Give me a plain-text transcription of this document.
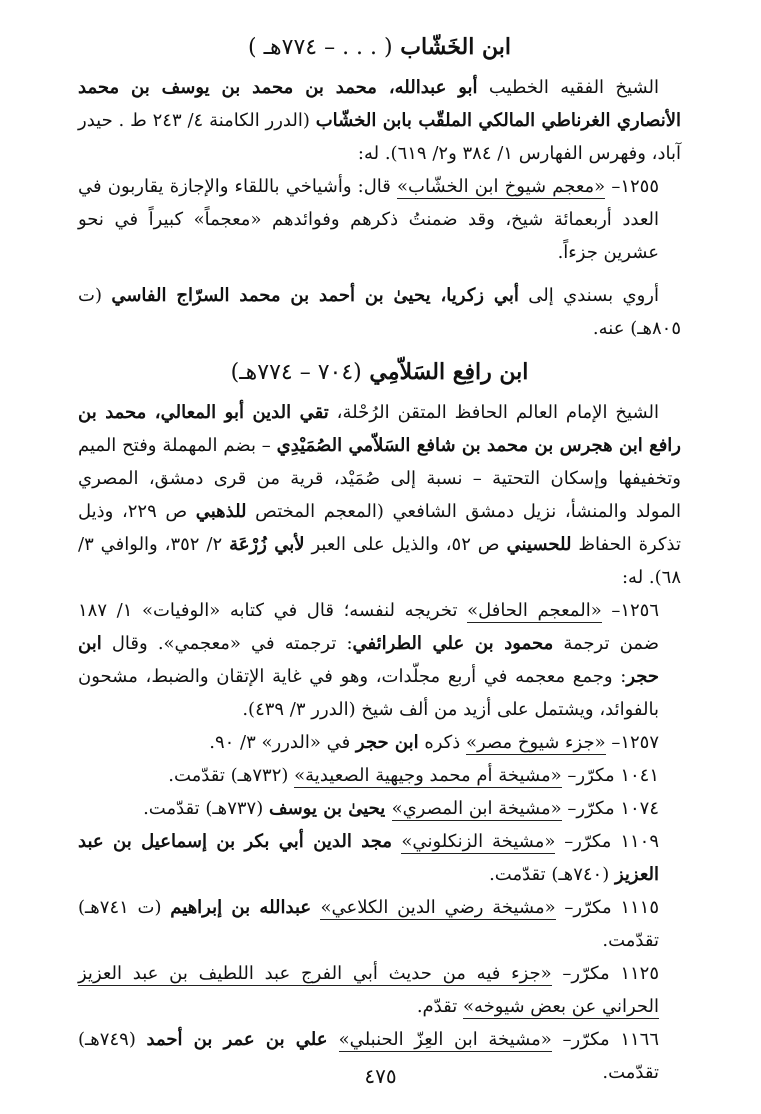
ابن الخَشّاب ( . . . – ٧٧٤هـ )

الشيخ الفقيه الخطيب أبو عبدالله، محمد بن محمد بن يوسف بن محمد الأنصاري الغرناطي المالكي الملقّب بابن الخشّاب (الدرر الكامنة ٤/ ٢٤٣ ط . حيدر آباد، وفهرس الفهارس ١/ ٣٨٤ و٢/ ٦١٩). له:

١٢٥٥– «معجم شيوخ ابن الخشّاب» قال: وأشياخي باللقاء والإجازة يقاربون في العدد أربعمائة شيخ، وقد ضمنتُ ذكرهم وفوائدهم «معجماً» كبيراً في نحو عشرين جزءاً.

أروي بسندي إلى أبي زكريا، يحيىٰ بن أحمد بن محمد السرّاج الفاسي (ت ٨٠٥هـ) عنه.

ابن رافِع السَلاّمِي (٧٠٤ – ٧٧٤هـ)

الشيخ الإمام العالم الحافظ المتقن الرُحْلة، تقي الدين أبو المعالي، محمد بن رافع ابن هجرس بن محمد بن شافع السَلاّمي الصُمَيْدِي – بضم المهملة وفتح الميم وتخفيفها وإسكان التحتية – نسبة إلى صُمَيْد، قرية من قرى دمشق، المصري المولد والمنشأ، نزيل دمشق الشافعي (المعجم المختص للذهبي ص ٢٢٩، وذيل تذكرة الحفاظ للحسيني ص ٥٢، والذيل على العبر لأبي زُرْعَة ٢/ ٣٥٢، والوافي ٣/ ٦٨). له:

١٢٥٦– «المعجم الحافل» تخريجه لنفسه؛ قال في كتابه «الوفيات» ١/ ١٨٧ ضمن ترجمة محمود بن علي الطرائفي: ترجمته في «معجمي». وقال ابن حجر: وجمع معجمه في أربع مجلّدات، وهو في غاية الإتقان والضبط، مشحون بالفوائد، ويشتمل على أزيد من ألف شيخ (الدرر ٣/ ٤٣٩).

١٢٥٧– «جزء شيوخ مصر» ذكره ابن حجر في «الدرر» ٣/ ٩٠.

١٠٤١ مكرّر– «مشيخة أم محمد وجيهية الصعيدية» (٧٣٢هـ) تقدّمت.

١٠٧٤ مكرّر– «مشيخة ابن المصري» يحيىٰ بن يوسف (٧٣٧هـ) تقدّمت.

١١٠٩ مكرّر– «مشيخة الزنكلوني» مجد الدين أبي بكر بن إسماعيل بن عبد العزيز (٧٤٠هـ) تقدّمت.

١١١٥ مكرّر– «مشيخة رضي الدين الكلاعي» عبدالله بن إبراهيم (ت ٧٤١هـ) تقدّمت.

١١٢٥ مكرّر– «جزء فيه من حديث أبي الفرج عبد اللطيف بن عبد العزيز الحراني عن بعض شيوخه» تقدّم.

١١٦٦ مكرّر– «مشيخة ابن العِزّ الحنبلي» علي بن عمر بن أحمد (٧٤٩هـ) تقدّمت.

٤٧٥
